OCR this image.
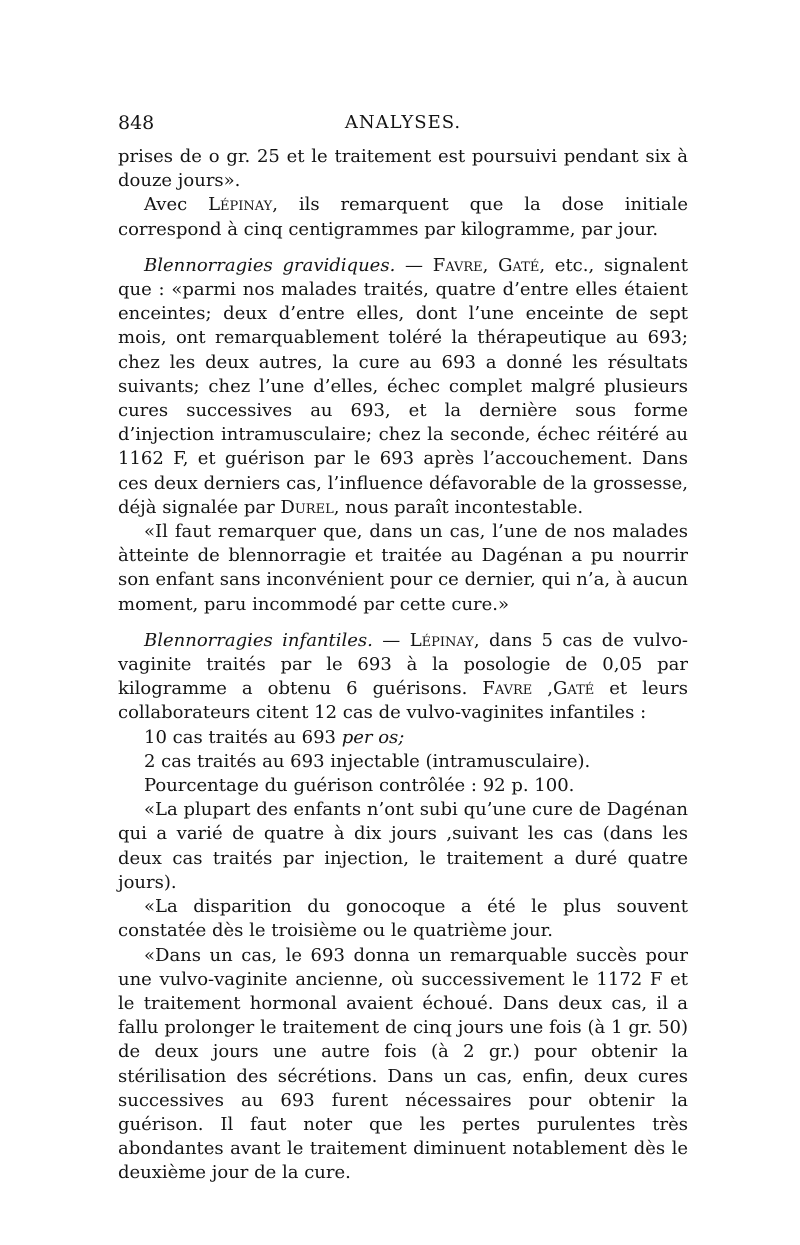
848	ANALYSES.

prises de o gr. 25 et le traitement est poursuivi pendant six à douze jours».

Avec Lépinay, ils remarquent que la dose initiale correspond à cinq centigrammes par kilogramme, par jour.

Blennorragies gravidiques. — Favre, Gaté, etc., signalent que : «parmi nos malades traités, quatre d’entre elles étaient enceintes; deux d’entre elles, dont l’une enceinte de sept mois, ont remarquablement toléré la thérapeutique au 693; chez les deux autres, la cure au 693 a donné les résultats suivants; chez l’une d’elles, échec complet malgré plusieurs cures successives au 693, et la dernière sous forme d’injection intramusculaire; chez la seconde, échec réitéré au 1162 F, et guérison par le 693 après l’accouchement. Dans ces deux derniers cas, l’influence défavorable de la grossesse, déjà signalée par Durel, nous paraît incontestable.

«Il faut remarquer que, dans un cas, l’une de nos malades àtteinte de blennorragie et traitée au Dagénan a pu nourrir son enfant sans inconvénient pour ce dernier, qui n’a, à aucun moment, paru incommodé par cette cure.»

Blennorragies infantiles. — Lépinay, dans 5 cas de vulvo-vaginite traités par le 693 à la posologie de 0,05 par kilogramme a obtenu 6 guérisons. Favre ,Gaté et leurs collaborateurs citent 12 cas de vulvo-vaginites infantiles :

10 cas traités au 693 per os;

2 cas traités au 693 injectable (intramusculaire).

Pourcentage du guérison contrôlée : 92 p. 100.

«La plupart des enfants n’ont subi qu’une cure de Dagénan qui a varié de quatre à dix jours ,suivant les cas (dans les deux cas traités par injection, le traitement a duré quatre jours).

«La disparition du gonocoque a été le plus souvent constatée dès le troisième ou le quatrième jour.

«Dans un cas, le 693 donna un remarquable succès pour une vulvo-vaginite ancienne, où successivement le 1172 F et le traitement hormonal avaient échoué. Dans deux cas, il a fallu prolonger le traitement de cinq jours une fois (à 1 gr. 50) de deux jours une autre fois (à 2 gr.) pour obtenir la stérilisation des sécrétions. Dans un cas, enfin, deux cures successives au 693 furent nécessaires pour obtenir la guérison. Il faut noter que les pertes purulentes très abondantes avant le traitement diminuent notablement dès le deuxième jour de la cure.
